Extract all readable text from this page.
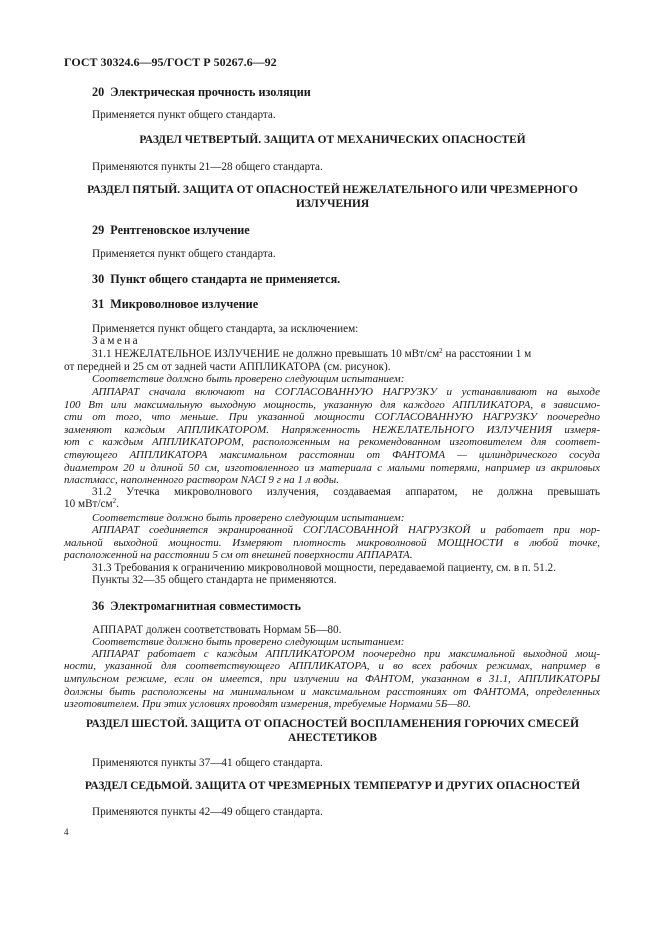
ГОСТ 30324.6—95/ГОСТ Р 50267.6—92
20 Электрическая прочность изоляции
Применяется пункт общего стандарта.
РАЗДЕЛ ЧЕТВЕРТЫЙ. ЗАЩИТА ОТ МЕХАНИЧЕСКИХ ОПАСНОСТЕЙ
Применяются пункты 21—28 общего стандарта.
РАЗДЕЛ ПЯТЫЙ. ЗАЩИТА ОТ ОПАСНОСТЕЙ НЕЖЕЛАТЕЛЬНОГО ИЛИ ЧРЕЗМЕРНОГО
ИЗЛУЧЕНИЯ
29 Рентгеновское излучение
Применяется пункт общего стандарта.
30 Пункт общего стандарта не применяется.
31 Микроволновое излучение
Применяется пункт общего стандарта, за исключением:
Замена
31.1 НЕЖЕЛАТЕЛЬНОЕ ИЗЛУЧЕНИЕ не должно превышать 10 мВт/$см^2$ на расстоянии 1 м
от передней и 25 см от задней части АППЛИКАТОРА (см. рисунок).
Соответствие должно быть проверено следующим испытанием:
АППАРАТ сначала включают на СОГЛАСОВАННУЮ НАГРУЗКУ и устанавливают на выходе
100 Вт или максимальную выходную мощность, указанную для каждого АППЛИКАТОРА, в зависимо-
сти от того, что меньше. При указанной мощности СОГЛАСОВАННУЮ НАГРУЗКУ поочередно
заменяют каждым АППЛИКАТОРОМ. Напряженность НЕЖЕЛАТЕЛЬНОГО ИЗЛУЧЕНИЯ измеря-
ют с каждым АППЛИКАТОРОМ, расположенным на рекомендованном изготовителем для соответ-
ствующего АППЛИКАТОРА максимальном расстоянии от ФАНТОМА — цилиндрического сосуда
диаметром 20 и длиной 50 см, изготовленного из материала с малыми потерями, например из акриловых
пластмасс, наполненного раствором NACI 9 г на 1 л воды.
31.2 Утечка микроволнового излучения, создаваемая аппаратом, не должна превышать
10 мВт/$см^2$.
Соответствие должно быть проверено следующим испытанием:
АППАРАТ соединяется экранированной СОГЛАСОВАННОЙ НАГРУЗКОЙ и работает при нор-
мальной выходной мощности. Измеряют плотность микроволновой МОЩНОСТИ в любой точке,
расположенной на расстоянии 5 см от внешней поверхности АППАРАТА.
31.3 Требования к ограничению микроволновой мощности, передаваемой пациенту, см. в п. 51.2.
Пункты 32—35 общего стандарта не применяются.
36 Электромагнитная совместимость
АППАРАТ должен соответствовать Нормам 5Б—80.
Соответствие должно быть проверено следующим испытанием:
АППАРАТ работает с каждым АППЛИКАТОРОМ поочередно при максимальной выходной мощ-
ности, указанной для соответствующего АППЛИКАТОРА, и во всех рабочих режимах, например в
импульсном режиме, если он имеется, при излучении на ФАНТОМ, указанном в 31.1, АППЛИКАТОРЫ
должны быть расположены на минимальном и максимальном расстояниях от ФАНТОМА, определенных
изготовителем. При этих условиях проводят измерения, требуемые Нормами 5Б—80.
РАЗДЕЛ ШЕСТОЙ. ЗАЩИТА ОТ ОПАСНОСТЕЙ ВОСПЛАМЕНЕНИЯ ГОРЮЧИХ СМЕСЕЙ
АНЕСТЕТИКОВ
Применяются пункты 37—41 общего стандарта.
РАЗДЕЛ СЕДЬМОЙ. ЗАЩИТА ОТ ЧРЕЗМЕРНЫХ ТЕМПЕРАТУР И ДРУГИХ ОПАСНОСТЕЙ
Применяются пункты 42—49 общего стандарта.
4
